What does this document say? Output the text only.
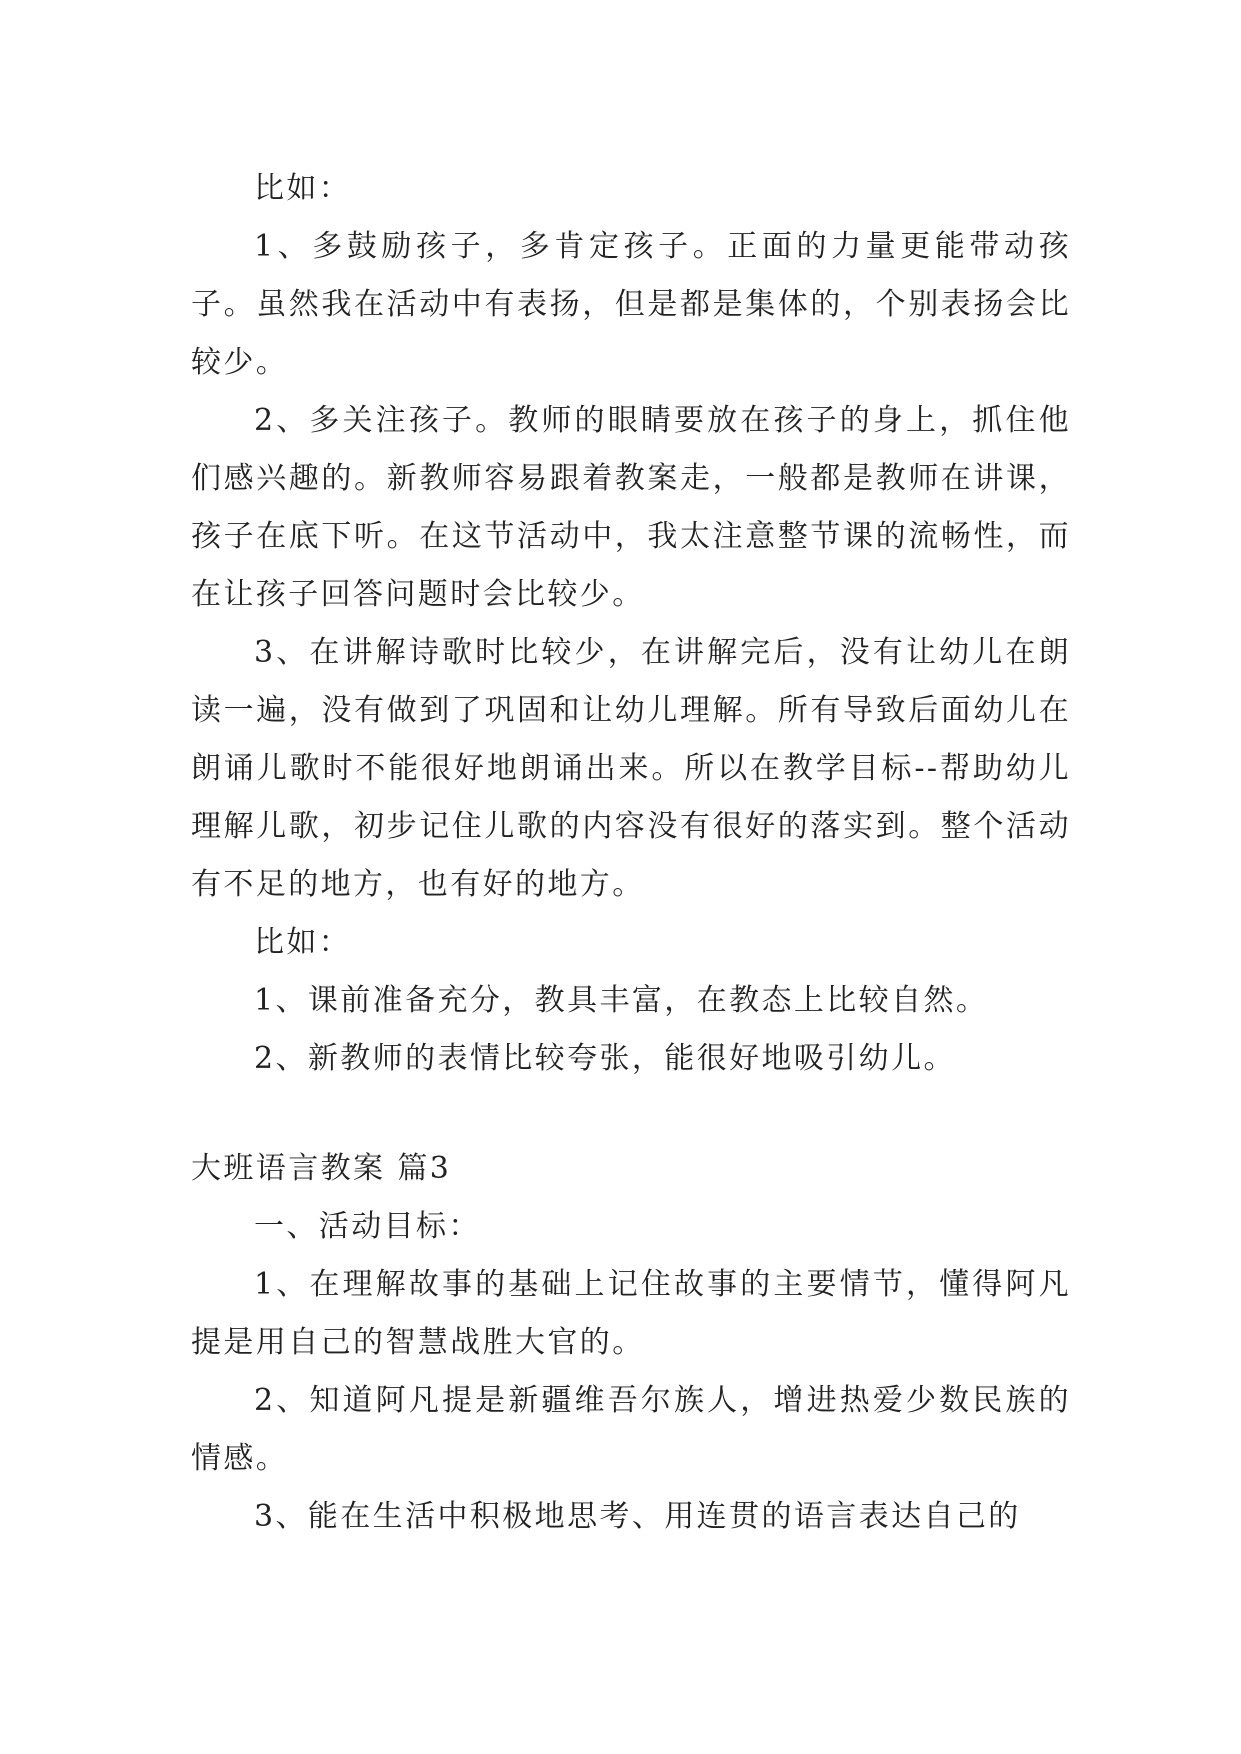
比如：

1、多鼓励孩子，多肯定孩子。正面的力量更能带动孩子。虽然我在活动中有表扬，但是都是集体的，个别表扬会比较少。

2、多关注孩子。教师的眼睛要放在孩子的身上，抓住他们感兴趣的。新教师容易跟着教案走，一般都是教师在讲课，孩子在底下听。在这节活动中，我太注意整节课的流畅性，而在让孩子回答问题时会比较少。

3、在讲解诗歌时比较少，在讲解完后，没有让幼儿在朗读一遍，没有做到了巩固和让幼儿理解。所有导致后面幼儿在朗诵儿歌时不能很好地朗诵出来。所以在教学目标--帮助幼儿理解儿歌，初步记住儿歌的内容没有很好的落实到。整个活动有不足的地方，也有好的地方。

比如：

1、课前准备充分，教具丰富，在教态上比较自然。

2、新教师的表情比较夸张，能很好地吸引幼儿。

大班语言教案 篇3

一、活动目标：

1、在理解故事的基础上记住故事的主要情节，懂得阿凡提是用自己的智慧战胜大官的。

2、知道阿凡提是新疆维吾尔族人，增进热爱少数民族的情感。

3、能在生活中积极地思考、用连贯的语言表达自己的
